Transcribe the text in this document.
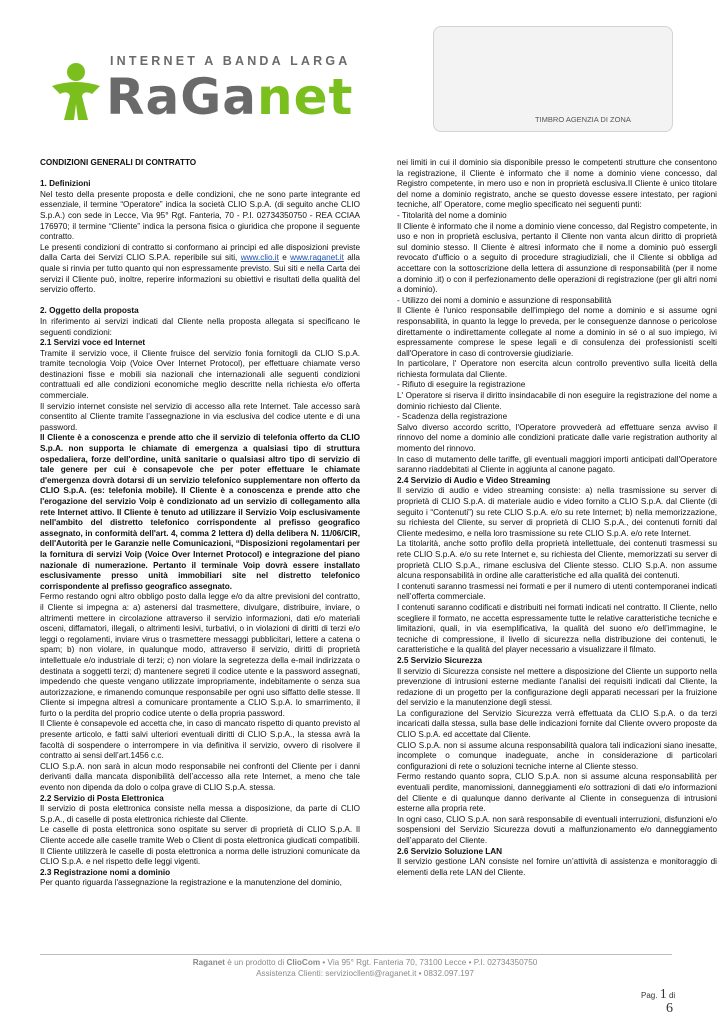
INTERNET A BANDA LARGA
RaGanet	TIMBRO AGENZIA DI ZONA

CONDIZIONI GENERALI DI CONTRATTO

1. Definizioni

Nel testo della presente proposta e delle condizioni, che ne sono parte integrante ed essenziale, il termine “Operatore” indica la società CLIO S.p.A. (di seguito anche CLIO S.p.A.) con sede in Lecce, Via 95° Rgt. Fanteria, 70 - P.I. 02734350750 - REA CCIAA 176970; il termine “Cliente” indica la persona fisica o giuridica che propone il seguente contratto.

Le presenti condizioni di contratto si conformano ai principi ed alle disposizioni previste dalla Carta dei Servizi CLIO S.P.A. reperibile sui siti, www.clio.it e www.raganet.it alla quale si rinvia per tutto quanto qui non espressamente previsto. Sui siti e nella Carta dei servizi il Cliente può, inoltre, reperire informazioni su obiettivi e risultati della qualità del servizio offerto.

2. Oggetto della proposta

In riferimento ai servizi indicati dal Cliente nella proposta allegata si specificano le seguenti condizioni:

2.1 Servizi voce ed Internet

Tramite il servizio voce, il Cliente fruisce del servizio fonia fornitogli da CLIO S.p.A. tramite tecnologia Voip (Voice Over Internet Protocol), per effettuare chiamate verso destinazioni fisse e mobili sia nazionali che internazionali alle seguenti condizioni contrattuali ed alle condizioni economiche meglio descritte nella richiesta e/o offerta commerciale.

Il servizio internet consiste nel servizio di accesso alla rete Internet. Tale accesso sarà consentito al Cliente tramite l’assegnazione in via esclusiva del codice utente e di una password.

Il Cliente è a conoscenza e prende atto che il servizio di telefonia offerto da CLIO S.p.A. non supporta le chiamate di emergenza a qualsiasi tipo di struttura ospedaliera, forze dell'ordine, unità sanitarie o qualsiasi altro tipo di servizio di tale genere per cui è consapevole che per poter effettuare le chiamate d'emergenza dovrà dotarsi di un servizio telefonico supplementare non offerto da CLIO S.p.A. (es: telefonia mobile). Il Cliente è a conoscenza e prende atto che l'erogazione del servizio Voip è condizionato ad un servizio di collegamento alla rete Internet attivo. Il Cliente è tenuto ad utilizzare il Servizio Voip esclusivamente nell'ambito del distretto telefonico corrispondente al prefisso geografico assegnato, in conformità dell'art. 4, comma 2 lettera d) della delibera N. 11/06/CIR, dell'Autorità per le Garanzie nelle Comunicazioni, “Disposizioni regolamentari per la fornitura di servizi Voip (Voice Over Internet Protocol) e integrazione del piano nazionale di numerazione. Pertanto il terminale Voip dovrà essere installato esclusivamente presso unità immobiliari site nel distretto telefonico corrispondente al prefisso geografico assegnato.

Fermo restando ogni altro obbligo posto dalla legge e/o da altre previsioni del contratto, il Cliente si impegna a: a) astenersi dal trasmettere, divulgare, distribuire, inviare, o altrimenti mettere in circolazione attraverso il servizio informazioni, dati e/o materiali osceni, diffamatori, illegali, o altrimenti lesivi, turbativi, o in violazioni di diritti di terzi e/o leggi o regolamenti, inviare virus o trasmettere messaggi pubblicitari, lettere a catena o spam; b) non violare, in qualunque modo, attraverso il servizio, diritti di proprietà intellettuale e/o industriale di terzi; c) non violare la segretezza della e-mail indirizzata o destinata a soggetti terzi; d) mantenere segreti il codice utente e la password assegnati, impedendo che queste vengano utilizzate impropriamente, indebitamente o senza sua autorizzazione, e rimanendo comunque responsabile per ogni uso siffatto delle stesse. Il Cliente si impegna altresì a comunicare prontamente a CLIO S.p.A. lo smarrimento, il furto o la perdita del proprio codice utente o della propria password.

Il Cliente è consapevole ed accetta che, in caso di mancato rispetto di quanto previsto al presente articolo, e fatti salvi ulteriori eventuali diritti di CLIO S.p.A., la stessa avrà la facoltà di sospendere o interrompere in via definitiva il servizio, ovvero di risolvere il contratto ai sensi dell’art.1456 c.c.

CLIO S.p.A. non sarà in alcun modo responsabile nei confronti del Cliente per i danni derivanti dalla mancata disponibilità dell’accesso alla rete Internet, a meno che tale evento non dipenda da dolo o colpa grave di CLIO S.p.A. stessa.

2.2 Servizio di Posta Elettronica

Il servizio di posta elettronica consiste nella messa a disposizione, da parte di CLIO S.p.A., di caselle di posta elettronica richieste dal Cliente.

Le caselle di posta elettronica sono ospitate su server di proprietà di CLIO S.p.A. Il Cliente accede alle caselle tramite Web o Client di posta elettronica giudicati compatibili.

Il Cliente utilizzerà le caselle di posta elettronica a norma delle istruzioni comunicate da CLIO S.p.A. e nel rispetto delle leggi vigenti.

2.3 Registrazione nomi a dominio

Per quanto riguarda l'assegnazione la registrazione e la manutenzione del dominio,

nei limiti in cui il dominio sia disponibile presso le competenti strutture che consentono la registrazione, il Cliente è informato che il nome a dominio viene concesso, dal Registro competente, in mero uso e non in proprietà esclusiva.Il Cliente è unico titolare del nome a dominio registrato, anche se questo dovesse essere intestato, per ragioni tecniche, all' Operatore, come meglio specificato nei seguenti punti:

- Titolarità del nome a dominio

Il Cliente è informato che il nome a dominio viene concesso, dal Registro competente, in uso e non in proprietà esclusiva, pertanto il Cliente non vanta alcun diritto di proprietà sul dominio stesso. Il Cliente è altresì informato che il nome a dominio può essergli revocato d'ufficio o a seguito di procedure stragiudiziali, che il Cliente si obbliga ad accettare con la sottoscrizione della lettera di assunzione di responsabilità (per il nome a dominio .it) o con il perfezionamento delle operazioni di registrazione (per gli altri nomi a dominio).

- Utilizzo dei nomi a dominio e assunzione di responsabilità

Il Cliente è l'unico responsabile dell'impiego del nome a dominio e si assume ogni responsabilità, in quanto la legge lo preveda, per le conseguenze dannose o pericolose direttamente o indirettamente collegate al nome a dominio in sé o al suo impiego, ivi espressamente comprese le spese legali e di consulenza dei professionisti scelti dall'Operatore in caso di controversie giudiziarie.

In particolare, l' Operatore non esercita alcun controllo preventivo sulla liceità della richiesta formulata dal Cliente.

- Rifiuto di eseguire la registrazione

L' Operatore si riserva il diritto insindacabile di non eseguire la registrazione del nome a dominio richiesto dal Cliente.

- Scadenza della registrazione

Salvo diverso accordo scritto, l'Operatore provvederà ad effettuare senza avviso il rinnovo del nome a dominio alle condizioni praticate dalle varie registration authority al momento del rinnovo.

In caso di mutamento delle tariffe, gli eventuali maggiori importi anticipati dall'Operatore saranno riaddebitati al Cliente in aggiunta al canone pagato.

2.4 Servizio di Audio e Video Streaming

Il servizio di audio e video streaming consiste: a) nella trasmissione su server di proprietà di CLIO S.p.A. di materiale audio e video fornito a CLIO S.p.A. dal Cliente (di seguito i “Contenuti”) su rete CLIO S.p.A. e/o su rete Internet; b) nella memorizzazione, su richiesta del Cliente, su server di proprietà di CLIO S.p.A., dei contenuti forniti dal Cliente medesimo, e nella loro trasmissione su rete CLIO S.p.A. e/o rete Internet.

La titolarità, anche sotto profilo della proprietà intellettuale, dei contenuti trasmessi su rete CLIO S.p.A. e/o su rete Internet e, su richiesta del Cliente, memorizzati su server di proprietà CLIO S.p.A., rimane esclusiva del Cliente stesso. CLIO S.p.A. non assume alcuna responsabilità in ordine alle caratteristiche ed alla qualità dei contenuti.

I contenuti saranno trasmessi nei formati e per il numero di utenti contemporanei indicati nell’offerta commerciale.

I contenuti saranno codificati e distribuiti nei formati indicati nel contratto. Il Cliente, nello scegliere il formato, ne accetta espressamente tutte le relative caratteristiche tecniche e limitazioni, quali, in via esemplificativa, la qualità del suono e/o dell’immagine, le tecniche di compressione, il livello di sicurezza nella distribuzione dei contenuti, le caratteristiche e la qualità del player necessario a visualizzare il filmato.

2.5 Servizio Sicurezza

Il servizio di Sicurezza consiste nel mettere a disposizione del Cliente un supporto nella prevenzione di intrusioni esterne mediante l’analisi dei requisiti indicati dal Cliente, la redazione di un progetto per la configurazione degli apparati necessari per la fruizione del servizio e la manutenzione degli stessi.

La configurazione del Servizio Sicurezza verrà effettuata da CLIO S.p.A. o da terzi incaricati dalla stessa, sulla base delle indicazioni fornite dal Cliente ovvero proposte da CLIO S.p.A. ed accettate dal Cliente.

CLIO S.p.A. non si assume alcuna responsabilità qualora tali indicazioni siano inesatte, incomplete o comunque inadeguate, anche in considerazione di particolari configurazioni di rete o soluzioni tecniche interne al Cliente stesso.

Fermo restando quanto sopra, CLIO S.p.A. non si assume alcuna responsabilità per eventuali perdite, manomissioni, danneggiamenti e/o sottrazioni di dati e/o informazioni del Cliente e di qualunque danno derivante al Cliente in conseguenza di intrusioni esterne alla propria rete.

In ogni caso, CLIO S.p.A. non sarà responsabile di eventuali interruzioni, disfunzioni e/o sospensioni del Servizio Sicurezza dovuti a malfunzionamento e/o danneggiamento dell’apparato del Cliente.

2.6 Servizio Soluzione LAN

Il servizio gestione LAN consiste nel fornire un’attività di assistenza e monitoraggio di elementi della rete LAN del Cliente.

Raganet è un prodotto di ClioCom • Via 95° Rgt. Fanteria 70, 73100 Lecce • P.I. 02734350750
Assistenza Clienti: serviziocllenti@raganet.it • 0832.097.197
Pag. 1 di
6
